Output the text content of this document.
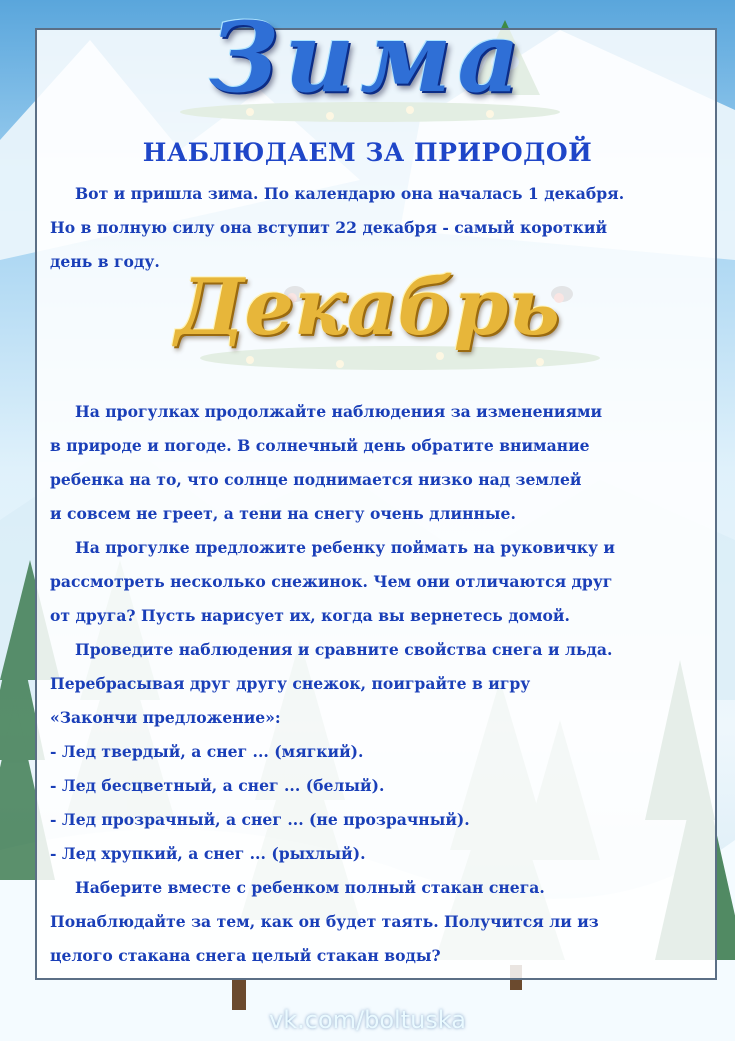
Зима
НАБЛЮДАЕМ ЗА ПРИРОДОЙ

Вот и пришла зима. По календарю она началась 1 декабря.

Но в полную силу она вступит 22 декабря - самый короткий

день в году.

Декабрь

На прогулках продолжайте наблюдения за изменениями

в природе и погоде. В солнечный день обратите внимание

ребенка на то, что солнце поднимается низко над землей

и совсем не греет, а тени на снегу очень длинные.

На прогулке предложите ребенку поймать на руковичку и

рассмотреть несколько снежинок. Чем они отличаются друг

от друга? Пусть нарисует их, когда вы вернетесь домой.

Проведите наблюдения и сравните свойства снега и льда.

Перебрасывая друг другу снежок, поиграйте в игру

«Закончи предложение»:

- Лед твердый, а снег ... (мягкий).

- Лед бесцветный, а снег ... (белый).

- Лед прозрачный, а снег ... (не прозрачный).

- Лед хрупкий, а снег ... (рыхлый).

Наберите вместе с ребенком полный стакан снега.

Понаблюдайте за тем, как он будет таять. Получится ли из

целого стакана снега целый стакан воды?

vk.com/boltuska
